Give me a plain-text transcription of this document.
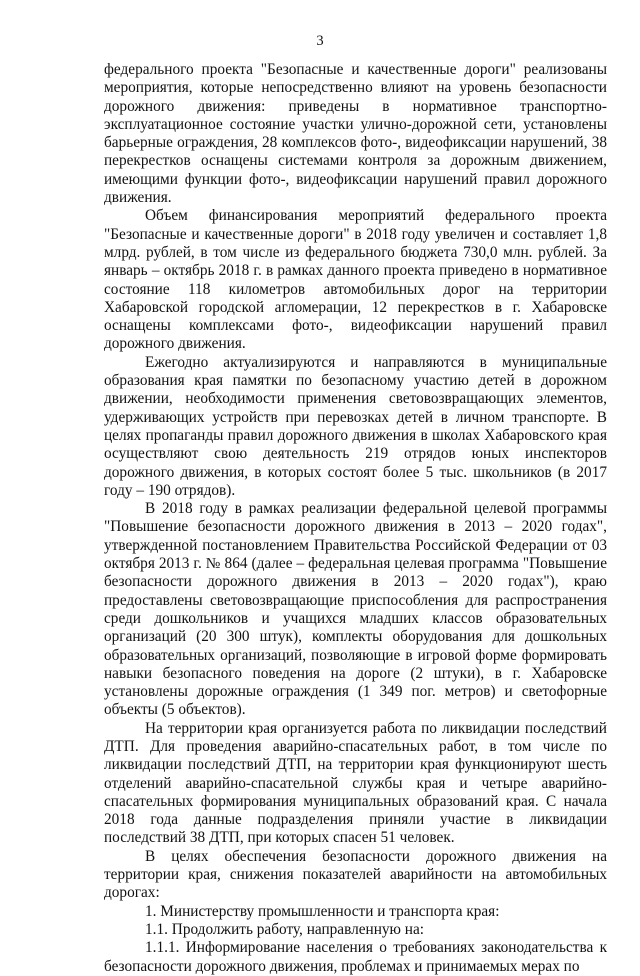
3

федерального проекта "Безопасные и качественные дороги" реализованы мероприятия, которые непосредственно влияют на уровень безопасности дорожного движения: приведены в нормативное транспортно-эксплуатационное состояние участки улично-дорожной сети, установлены барьерные ограждения, 28 комплексов фото-, видеофиксации нарушений, 38 перекрестков оснащены системами контроля за дорожным движением, имеющими функции фото-, видеофиксации нарушений правил дорожного движения.

Объем финансирования мероприятий федерального проекта "Безопасные и качественные дороги" в 2018 году увеличен и составляет 1,8 млрд. рублей, в том числе из федерального бюджета 730,0 млн. рублей. За январь – октябрь 2018 г. в рамках данного проекта приведено в нормативное состояние 118 километров автомобильных дорог на территории Хабаровской городской агломерации, 12 перекрестков в г. Хабаровске оснащены комплексами фото-, видеофиксации нарушений правил дорожного движения.

Ежегодно актуализируются и направляются в муниципальные образования края памятки по безопасному участию детей в дорожном движении, необходимости применения световозвращающих элементов, удерживающих устройств при перевозках детей в личном транспорте. В целях пропаганды правил дорожного движения в школах Хабаровского края осуществляют свою деятельность 219 отрядов юных инспекторов дорожного движения, в которых состоят более 5 тыс. школьников (в 2017 году – 190 отрядов).

В 2018 году в рамках реализации федеральной целевой программы "Повышение безопасности дорожного движения в 2013 – 2020 годах", утвержденной постановлением Правительства Российской Федерации от 03 октября 2013 г. № 864 (далее – федеральная целевая программа "Повышение безопасности дорожного движения в 2013 – 2020 годах"), краю предоставлены световозвращающие приспособления для распространения среди дошкольников и учащихся младших классов образовательных организаций (20 300 штук), комплекты оборудования для дошкольных образовательных организаций, позволяющие в игровой форме формировать навыки безопасного поведения на дороге (2 штуки), в г. Хабаровске установлены дорожные ограждения (1 349 пог. метров) и светофорные объекты (5 объектов).

На территории края организуется работа по ликвидации последствий ДТП. Для проведения аварийно-спасательных работ, в том числе по ликвидации последствий ДТП, на территории края функционируют шесть отделений аварийно-спасательной службы края и четыре аварийно-спасательных формирования муниципальных образований края. С начала 2018 года данные подразделения приняли участие в ликвидации последствий 38 ДТП, при которых спасен 51 человек.

В целях обеспечения безопасности дорожного движения на территории края, снижения показателей аварийности на автомобильных дорогах:

1. Министерству промышленности и транспорта края:

1.1. Продолжить работу, направленную на:

1.1.1. Информирование населения о требованиях законодательства к безопасности дорожного движения, проблемах и принимаемых мерах по
